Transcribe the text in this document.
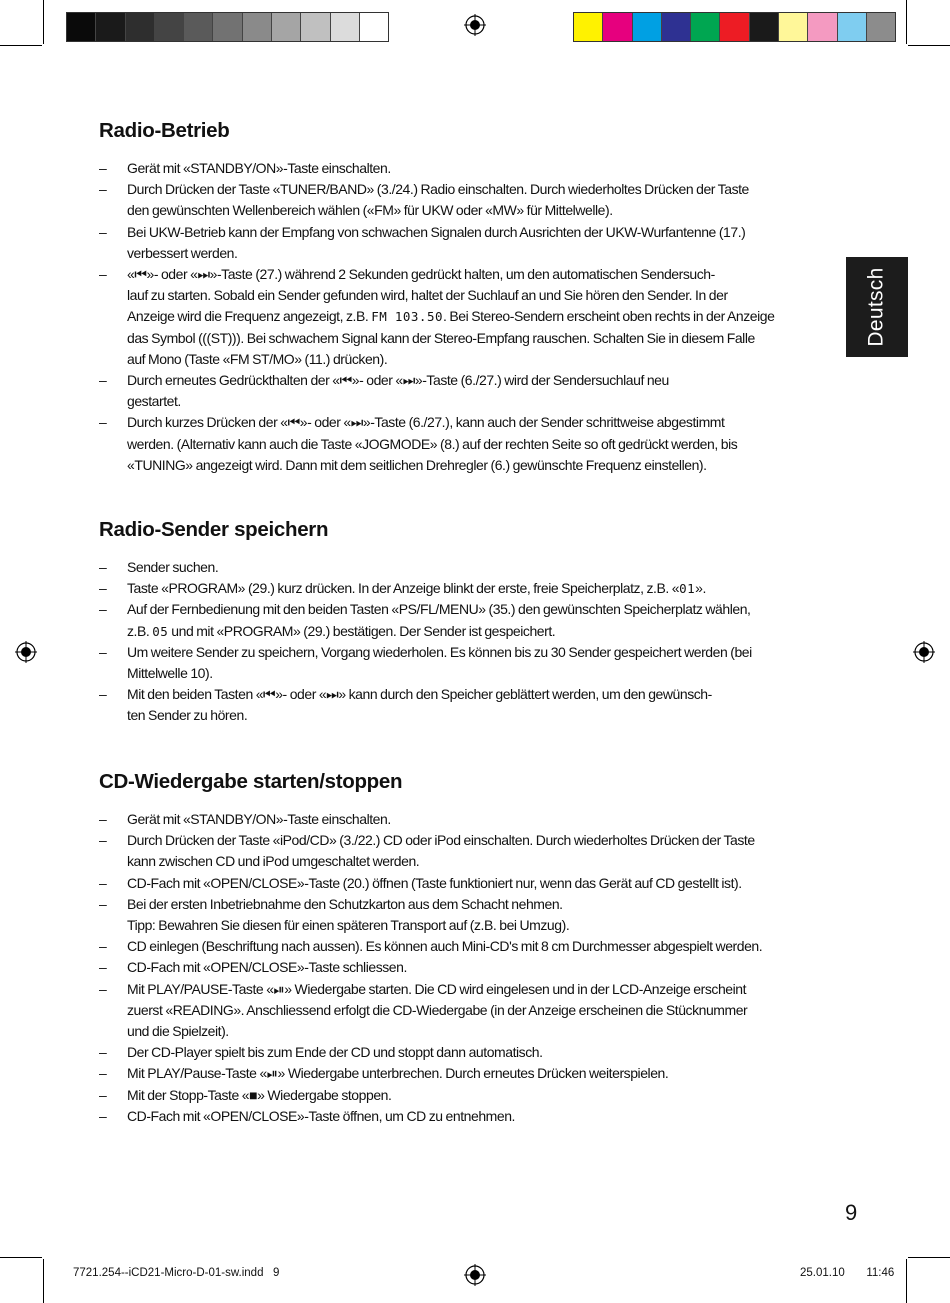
Deutsch
Radio-Betrieb
– Gerät mit «STANDBY/ON»-Taste einschalten.
– Durch Drücken der Taste «TUNER/BAND» (3./24.) Radio einschalten. Durch wiederholtes Drücken der Taste
den gewünschten Wellenbereich wählen («FM» für UKW oder «MW» für Mittelwelle).
– Bei UKW-Betrieb kann der Empfang von schwachen Signalen durch Ausrichten der UKW-Wurfantenne (17.)
verbessert werden.
– «⏮»- oder «⏭»-Taste (27.) während 2 Sekunden gedrückt halten, um den automatischen Sendersuch-
lauf zu starten. Sobald ein Sender gefunden wird, haltet der Suchlauf an und Sie hören den Sender. In der
Anzeige wird die Frequenz angezeigt, z.B. FM 103.50. Bei Stereo-Sendern erscheint oben rechts in der Anzeige
das Symbol (((ST))). Bei schwachem Signal kann der Stereo-Empfang rauschen. Schalten Sie in diesem Falle
auf Mono (Taste «FM ST/MO» (11.) drücken).
– Durch erneutes Gedrückthalten der «⏮»- oder «⏭»-Taste (6./27.) wird der Sendersuchlauf neu
gestartet.
– Durch kurzes Drücken der «⏮»- oder «⏭»-Taste (6./27.), kann auch der Sender schrittweise abgestimmt
werden. (Alternativ kann auch die Taste «JOGMODE» (8.) auf der rechten Seite so oft gedrückt werden, bis
«TUNING» angezeigt wird. Dann mit dem seitlichen Drehregler (6.) gewünschte Frequenz einstellen).
Radio-Sender speichern
– Sender suchen.
– Taste «PROGRAM» (29.) kurz drücken. In der Anzeige blinkt der erste, freie Speicherplatz, z.B. «01».
– Auf der Fernbedienung mit den beiden Tasten «PS/FL/MENU» (35.) den gewünschten Speicherplatz wählen,
z.B. 05 und mit «PROGRAM» (29.) bestätigen. Der Sender ist gespeichert.
– Um weitere Sender zu speichern, Vorgang wiederholen. Es können bis zu 30 Sender gespeichert werden (bei
Mittelwelle 10).
– Mit den beiden Tasten «⏮»- oder «⏭» kann durch den Speicher geblättert werden, um den gewünsch-
ten Sender zu hören.
CD-Wiedergabe starten/stoppen
– Gerät mit «STANDBY/ON»-Taste einschalten.
– Durch Drücken der Taste «iPod/CD» (3./22.) CD oder iPod einschalten. Durch wiederholtes Drücken der Taste
kann zwischen CD und iPod umgeschaltet werden.
– CD-Fach mit «OPEN/CLOSE»-Taste (20.) öffnen (Taste funktioniert nur, wenn das Gerät auf CD gestellt ist).
– Bei der ersten Inbetriebnahme den Schutzkarton aus dem Schacht nehmen.
Tipp: Bewahren Sie diesen für einen späteren Transport auf (z.B. bei Umzug).
– CD einlegen (Beschriftung nach aussen). Es können auch Mini-CD's mit 8 cm Durchmesser abgespielt werden.
– CD-Fach mit «OPEN/CLOSE»-Taste schliessen.
– Mit PLAY/PAUSE-Taste «⏯» Wiedergabe starten. Die CD wird eingelesen und in der LCD-Anzeige erscheint
zuerst «READING». Anschliessend erfolgt die CD-Wiedergabe (in der Anzeige erscheinen die Stücknummer
und die Spielzeit).
– Der CD-Player spielt bis zum Ende der CD und stoppt dann automatisch.
– Mit PLAY/Pause-Taste «⏯» Wiedergabe unterbrechen. Durch erneutes Drücken weiterspielen.
– Mit der Stopp-Taste «■» Wiedergabe stoppen.
– CD-Fach mit «OPEN/CLOSE»-Taste öffnen, um CD zu entnehmen.
9
7721.254--iCD21-Micro-D-01-sw.indd   9	25.01.10   11:46
